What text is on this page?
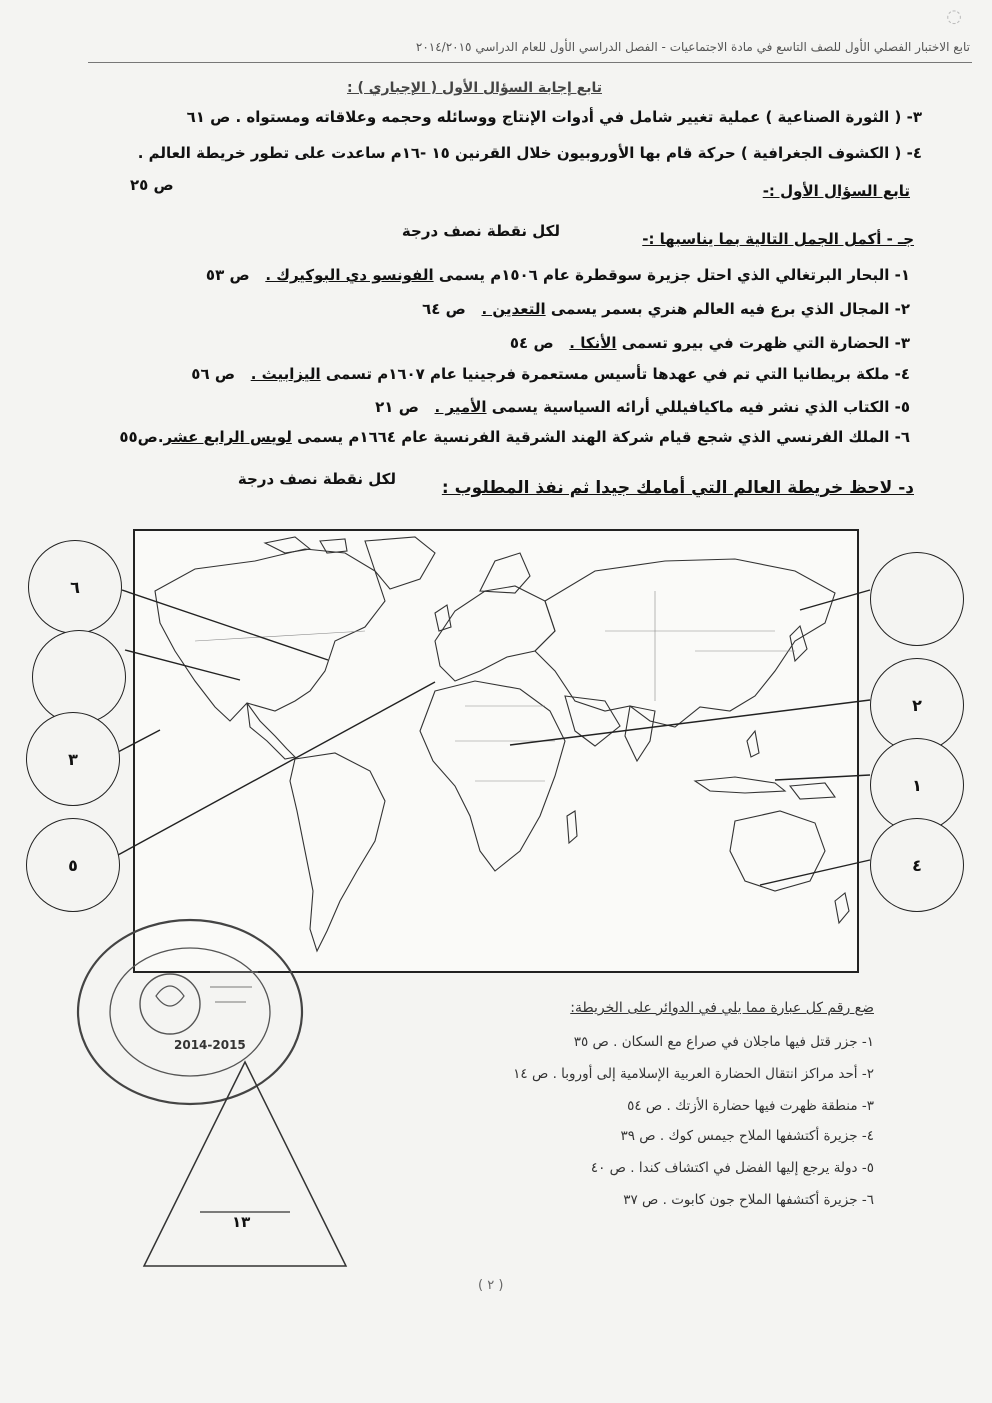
◌
تابع الاختبار الفصلي الأول للصف التاسع في مادة الاجتماعيات - الفصل الدراسي الأول للعام الدراسي ٢٠١٤/٢٠١٥
تابع إجابة السؤال الأول ( الإجباري ) :
٣- ( الثورة الصناعية ) عملية تغيير شامل في أدوات الإنتاج ووسائله وحجمه وعلاقاته ومستواه . ص ٦١
٤- ( الكشوف الجغرافية ) حركة قام بها الأوروبيون خلال القرنين ١٥ -١٦م ساعدت على تطور خريطة العالم .
ص ٢٥	تابع السؤال الأول :-
لكل نقطة نصف درجة	جـ - أكمل الجمل التالية بما يناسبها :-
١- البحار البرتغالي الذي احتل جزيرة سوقطرة عام ١٥٠٦م يسمى الفونسو دي البوكيرك .   ص ٥٣
٢- المجال الذي برع فيه العالم هنري بسمر يسمى التعدين .   ص ٦٤
٣- الحضارة التي ظهرت في بيرو تسمى الأنكا .   ص ٥٤
٤- ملكة بريطانيا التي تم في عهدها تأسيس مستعمرة فرجينيا عام ١٦٠٧م تسمى اليزابيث .   ص ٥٦
٥- الكتاب الذي نشر فيه ماكيافيللي أرائه السياسية يسمى الأمير .   ص ٢١
٦- الملك الفرنسي الذي شجع قيام شركة الهند الشرقية الفرنسية عام ١٦٦٤م يسمى لويس الرابع عشر.ص٥٥
لكل نقطة نصف درجة	د- لاحظ خريطة العالم التي أمامك جيدا ثم نفذ المطلوب :
٦
٣
٥
٢
١
٤
2014-2015
١٣
ضع رقم كل عبارة مما يلي في الدوائر على الخريطة:
١- جزر قتل فيها ماجلان في صراع مع السكان . ص ٣٥
٢- أحد مراكز انتقال الحضارة العربية الإسلامية إلى أوروبا . ص ١٤
٣- منطقة ظهرت فيها حضارة الأزتك . ص ٥٤
٤- جزيرة أكتشفها الملاح جيمس كوك . ص ٣٩
٥- دولة يرجع إليها الفضل في اكتشاف كندا . ص ٤٠
٦- جزيرة أكتشفها الملاح جون كابوت . ص ٣٧
( ٢ )
